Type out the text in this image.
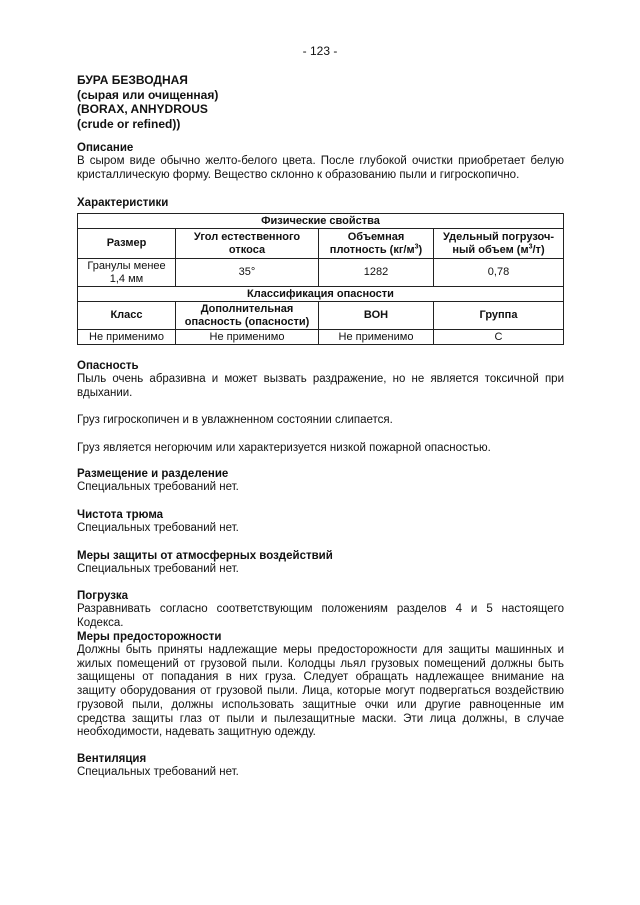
- 123 -
БУРА БЕЗВОДНАЯ
(сырая или очищенная)
(BORAX, ANHYDROUS
(crude or refined))
Описание

В сыром виде обычно желто-белого цвета. После глубокой очистки приобретает белую кристаллическую форму. Вещество склонно к образованию пыли и гигроскопично.

Характеристики
Физические свойства			
Размер	Угол естественного откоса	Объемная плотность $(кг/м^3)$	Удельный погрузоч-ный объем $(м^3/т)$
Гранулы менее 1,4 мм	35°	1282	0,78
Классификация опасности			
Класс	Дополнительная опасность (опасности)	ВОН	Группа
Не применимо	Не применимо	Не применимо	C
Опасность

Пыль очень абразивна и может вызвать раздражение, но не является токсичной при вдыхании.

Груз гигроскопичен и в увлажненном состоянии слипается.

Груз является негорючим или характеризуется низкой пожарной опасностью.

Размещение и разделение

Специальных требований нет.

Чистота трюма

Специальных требований нет.

Меры защиты от атмосферных воздействий

Специальных требований нет.

Погрузка

Разравнивать согласно соответствующим положениям разделов 4 и 5 настоящего Кодекса.

Меры предосторожности

Должны быть приняты надлежащие меры предосторожности для защиты машинных и жилых помещений от грузовой пыли. Колодцы льял грузовых помещений должны быть защищены от попадания в них груза. Следует обращать надлежащее внимание на защиту оборудования от грузовой пыли. Лица, которые могут подвергаться воздействию грузовой пыли, должны использовать защитные очки или другие равноценные им средства защиты глаз от пыли и пылезащитные маски. Эти лица должны, в случае необходимости, надевать защитную одежду.

Вентиляция

Специальных требований нет.
